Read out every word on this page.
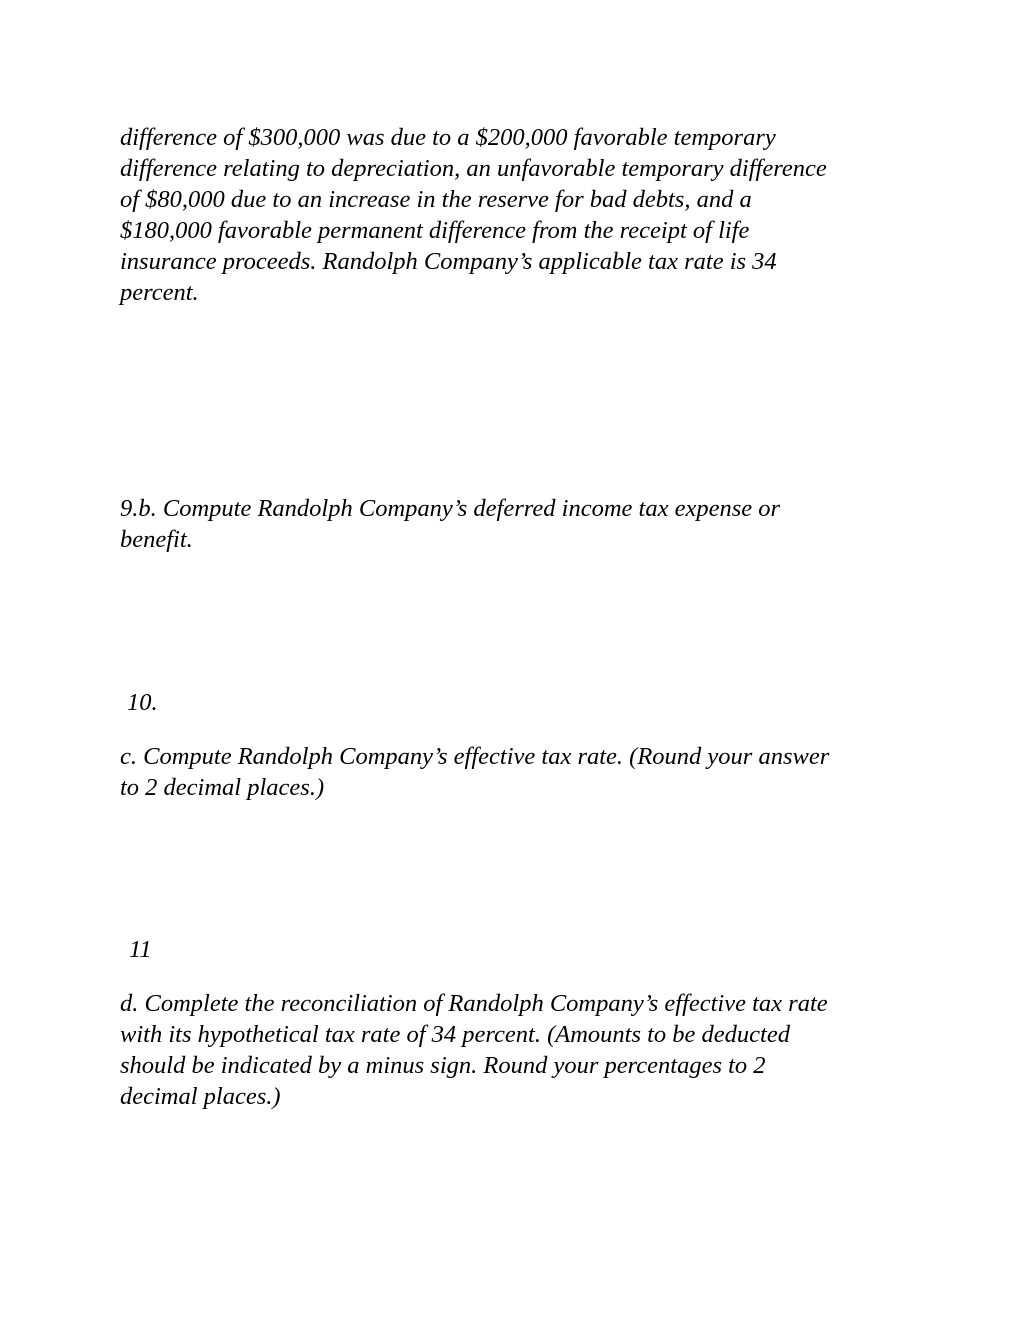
difference of $300,000 was due to a $200,000 favorable temporary
difference relating to depreciation, an unfavorable temporary difference
of $80,000 due to an increase in the reserve for bad debts, and a
$180,000 favorable permanent difference from the receipt of life
insurance proceeds. Randolph Company’s applicable tax rate is 34
percent.

9.b. Compute Randolph Company’s deferred income tax expense or
benefit.

10.

c. Compute Randolph Company’s effective tax rate. (Round your answer
to 2 decimal places.)

11

d. Complete the reconciliation of Randolph Company’s effective tax rate
with its hypothetical tax rate of 34 percent. (Amounts to be deducted
should be indicated by a minus sign. Round your percentages to 2
decimal places.)
